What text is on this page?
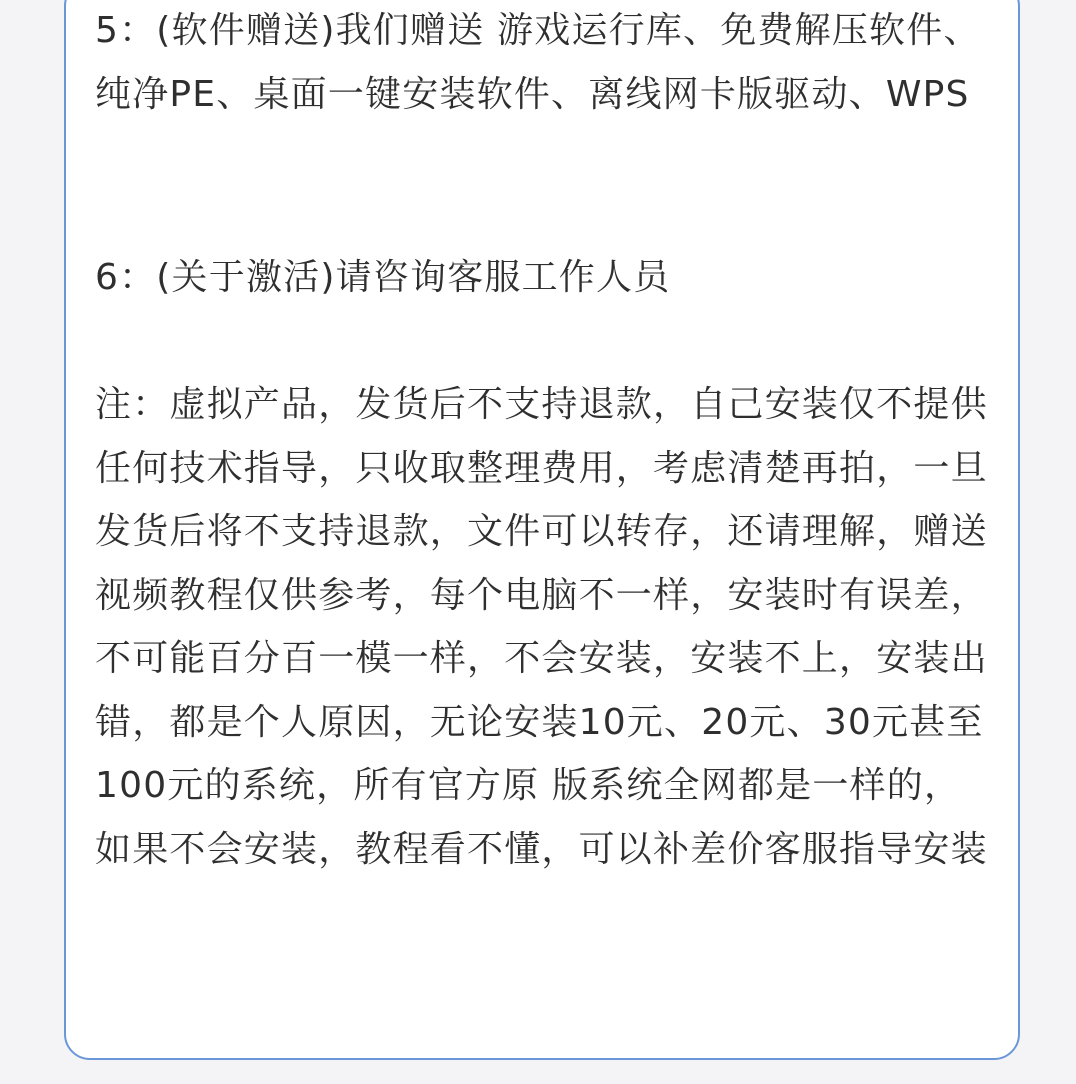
5：(软件赠送)我们赠送 游戏运行库、免费解压软件、纯净PE、桌面一键安装软件、离线网卡版驱动、WPS

6：(关于激活)请咨询客服工作人员

注：虚拟产品，发货后不支持退款，自己安装仅不提供任何技术指导，只收取整理费用，考虑清楚再拍，一旦发货后将不支持退款，文件可以转存，还请理解，赠送视频教程仅供参考，每个电脑不一样，安装时有误差，不可能百分百一模一样，不会安装，安装不上，安装出错，都是个人原因，无论安装10元、20元、30元甚至100元的系统，所有官方原 版系统全网都是一样的，如果不会安装，教程看不懂，可以补差价客服指导安装
